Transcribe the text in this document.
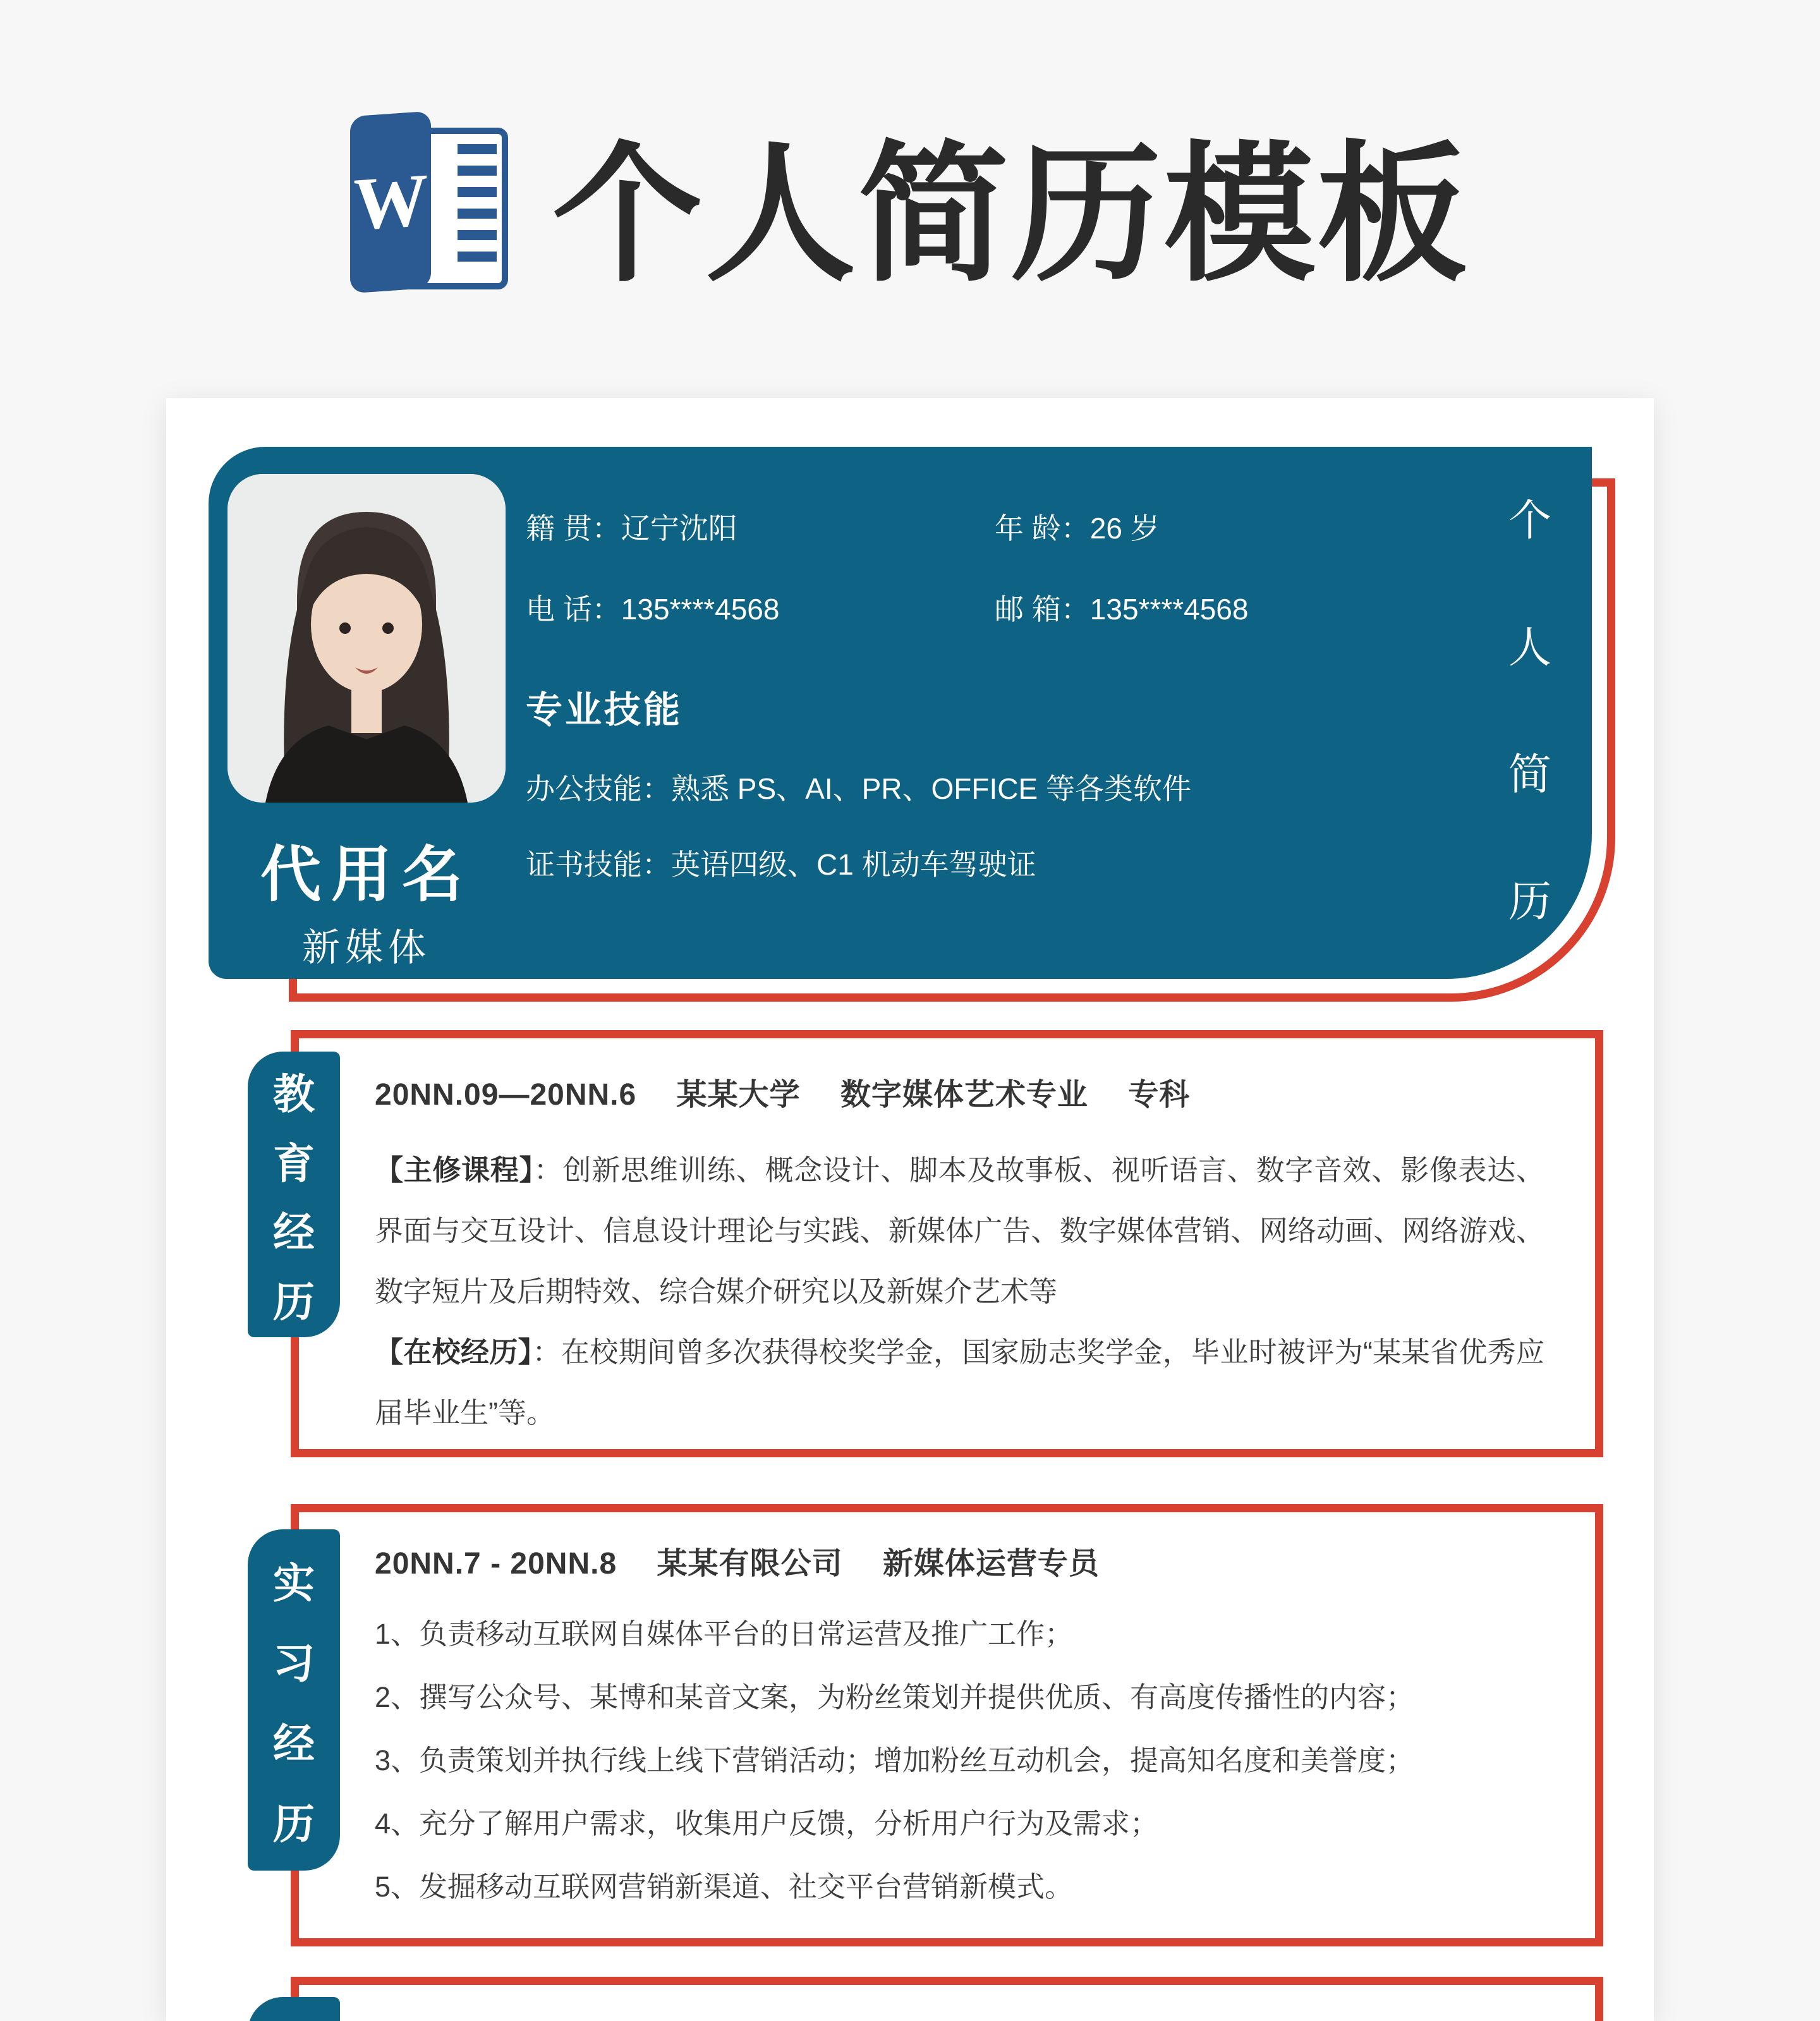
W 个人简历模板
代用名
新媒体
籍 贯：辽宁沈阳	年 龄：26 岁
电 话：135****4568	邮 箱：135****4568
专业技能
办公技能：熟悉 PS、AI、PR、OFFICE 等各类软件
证书技能：英语四级、C1 机动车驾驶证
个
人
简
历
20NN.09—20NN.6　 某某大学　 数字媒体艺术专业　 专科

【主修课程】：创新思维训练、概念设计、脚本及故事板、视听语言、数字音效、影像表达、界面与交互设计、信息设计理论与实践、新媒体广告、数字媒体营销、网络动画、网络游戏、数字短片及后期特效、综合媒介研究以及新媒介艺术等

【在校经历】：在校期间曾多次获得校奖学金，国家励志奖学金，毕业时被评为“某某省优秀应届毕业生”等。

教
育
经
历
20NN.7 - 20NN.8　 某某有限公司　 新媒体运营专员
1、负责移动互联网自媒体平台的日常运营及推广工作；
2、撰写公众号、某博和某音文案，为粉丝策划并提供优质、有高度传播性的内容；
3、负责策划并执行线上线下营销活动；增加粉丝互动机会，提高知名度和美誉度；
4、充分了解用户需求，收集用户反馈，分析用户行为及需求；
5、发掘移动互联网营销新渠道、社交平台营销新模式。
实
习
经
历
